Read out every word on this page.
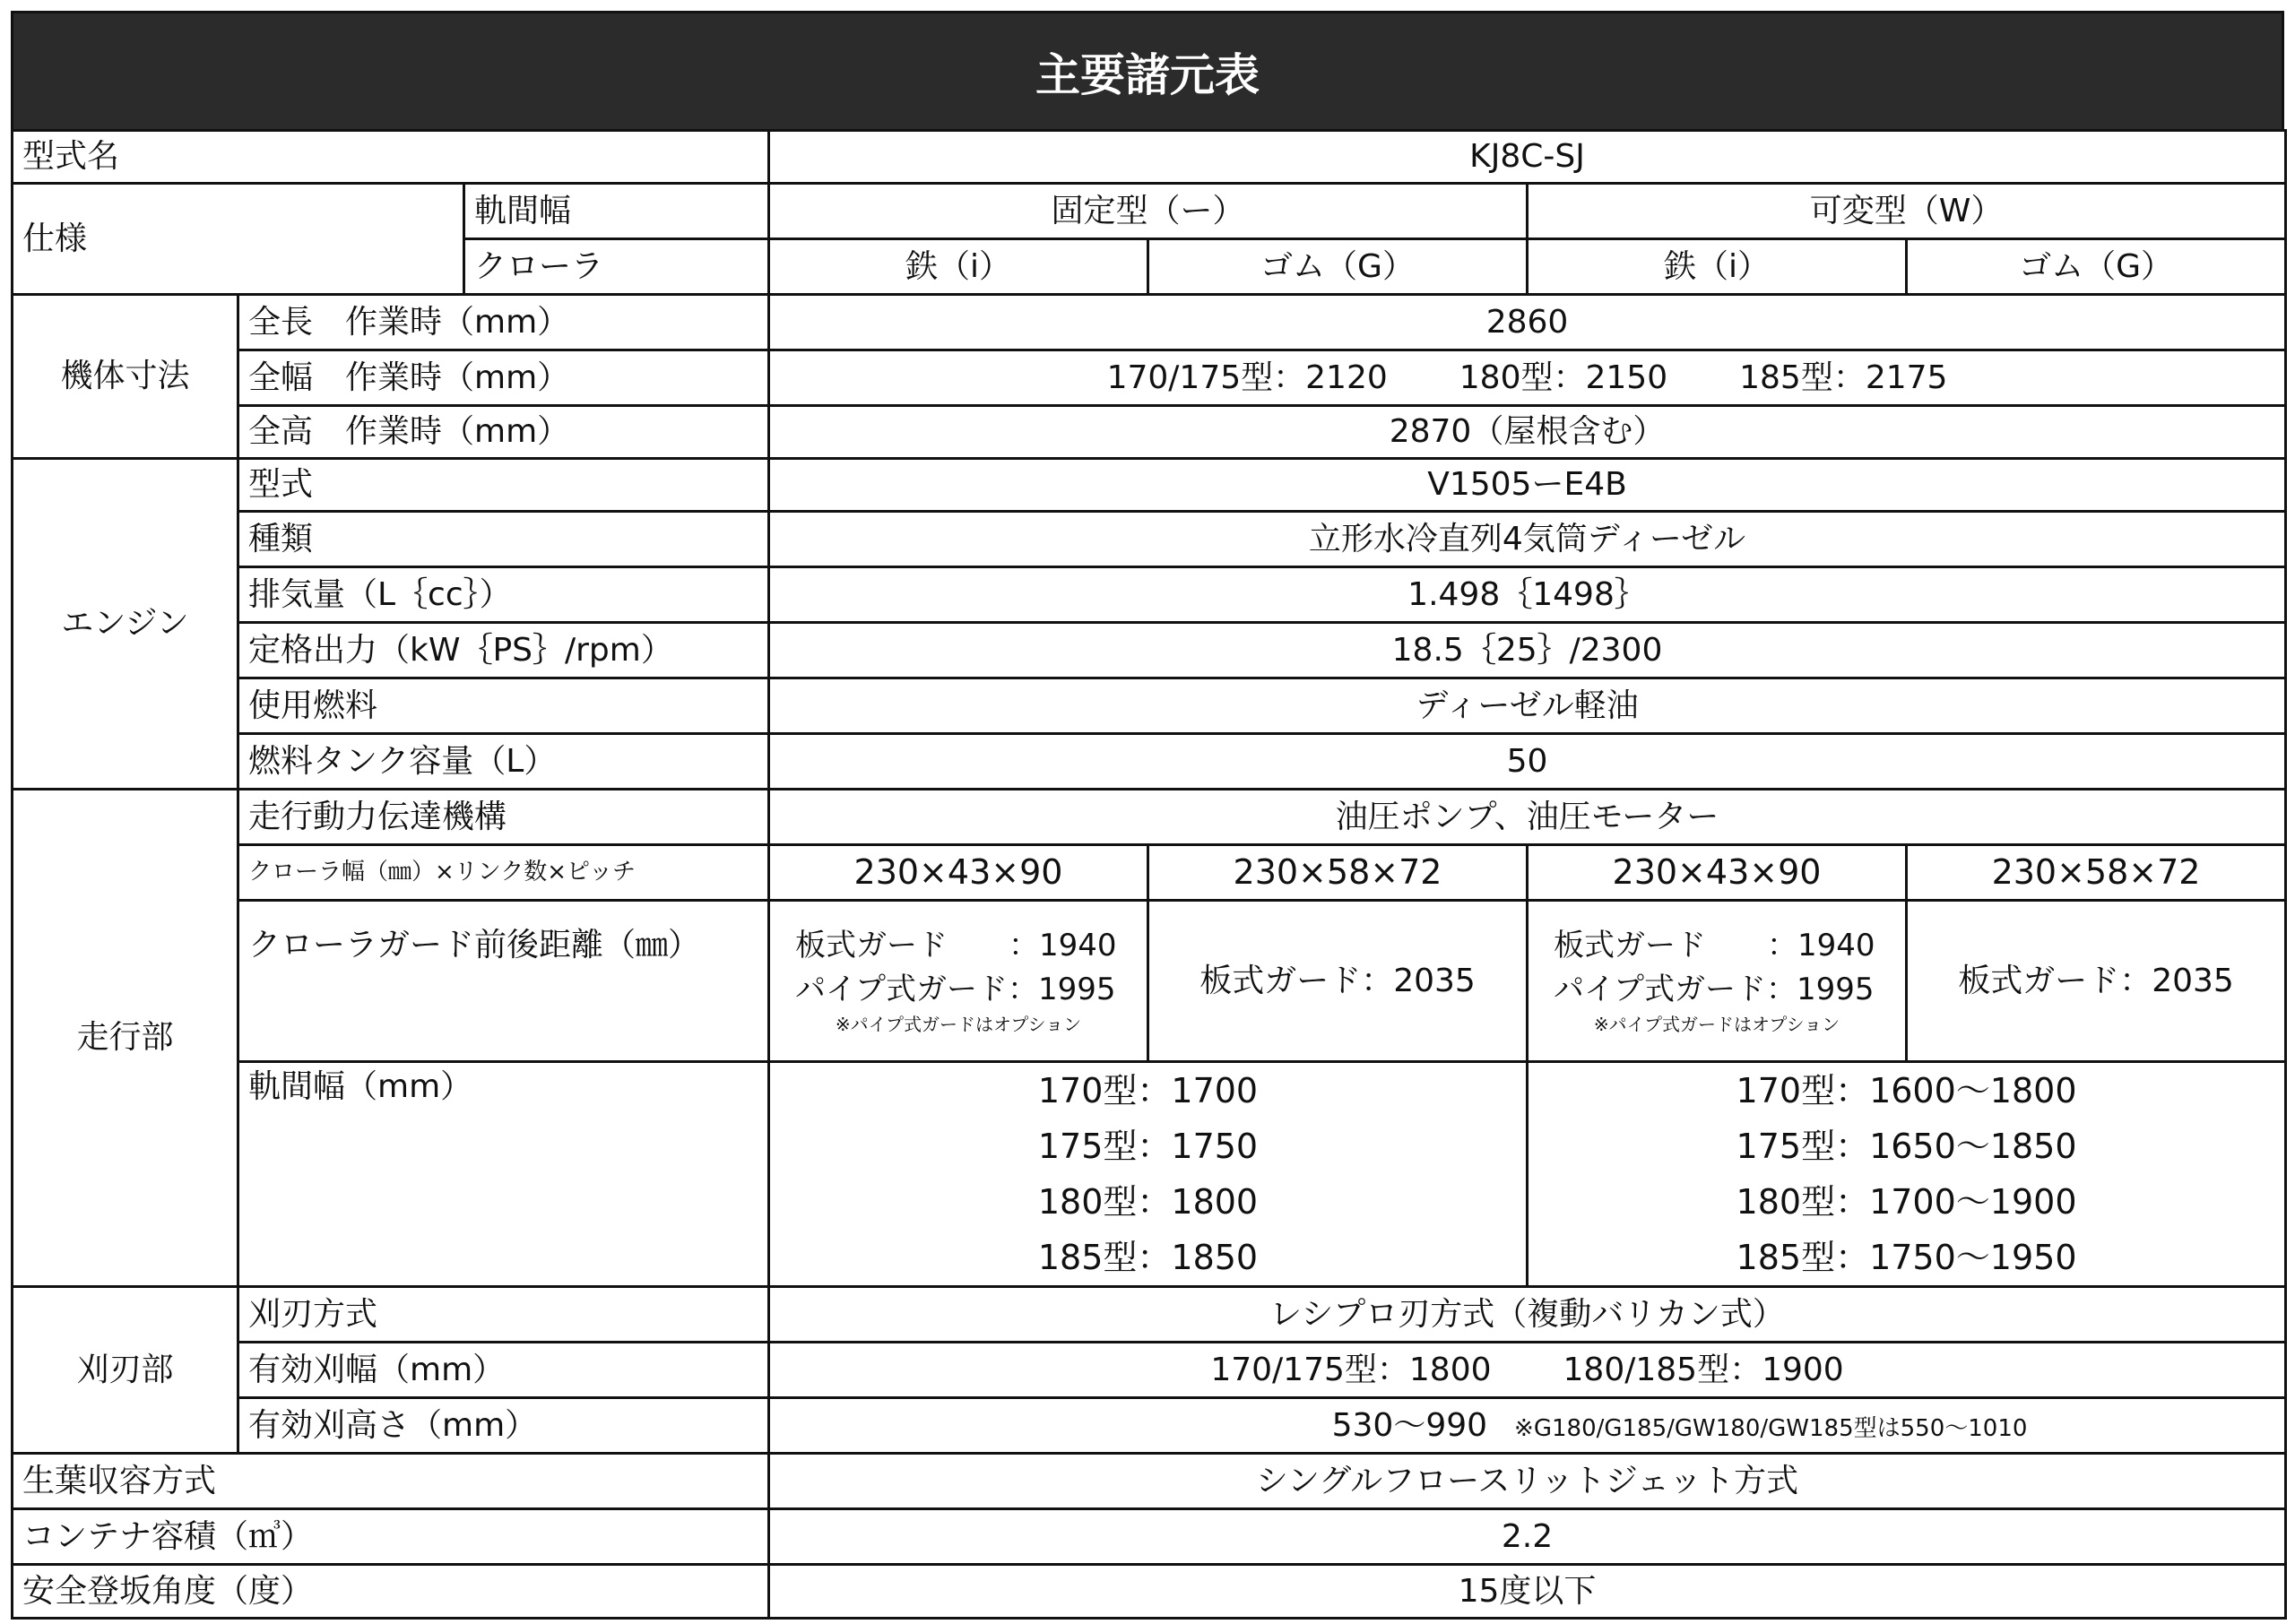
主要諸元表
型式名			KJ8C-SJ			
仕様		軌間幅	固定型（ー）		可変型（W）	
		クローラ	鉄（i）	ゴム（G）	鉄（i）	ゴム（G）
機体寸法	全長　作業時（mm）		2860			
	全幅　作業時（mm）		170/175型：2120 180型：2150 185型：2175			
	全高　作業時（mm）		2870（屋根含む）			
エンジン	型式		V1505ーE4B			
	種類		立形水冷直列4気筒ディーゼル			
	排気量（L｛cc｝）		1.498｛1498｝			
	定格出力（kW｛PS｝/rpm）		18.5｛25｝/2300			
	使用燃料		ディーゼル軽油			
	燃料タンク容量（L）		50			
走行部	走行動力伝達機構		油圧ポンプ、油圧モーター			
	クローラ幅（㎜）×リンク数×ピッチ		230×43×90	230×58×72	230×43×90	230×58×72
	クローラガード前後距離（㎜）		板式ガード　　：1940
パイプ式ガード：1995
※パイプ式ガードはオプション	板式ガード：2035	板式ガード　　：1940
パイプ式ガード：1995
※パイプ式ガードはオプション	板式ガード：2035
	軌間幅（mm）		170型：1700
175型：1750
180型：1800
185型：1850		170型：1600～1800
175型：1650～1850
180型：1700～1900
185型：1750～1950	

刈刃部	刈刃方式		レシプロ刃方式（複動バリカン式）			
	有効刈幅（mm）		170/175型：1800 180/185型：1900			
	有効刈高さ（mm）		530～990 ※G180/G185/GW180/GW185型は550～1010			
生葉収容方式			シングルフロースリットジェット方式			
コンテナ容積（㎥）			2.2			
安全登坂角度（度）			15度以下			
